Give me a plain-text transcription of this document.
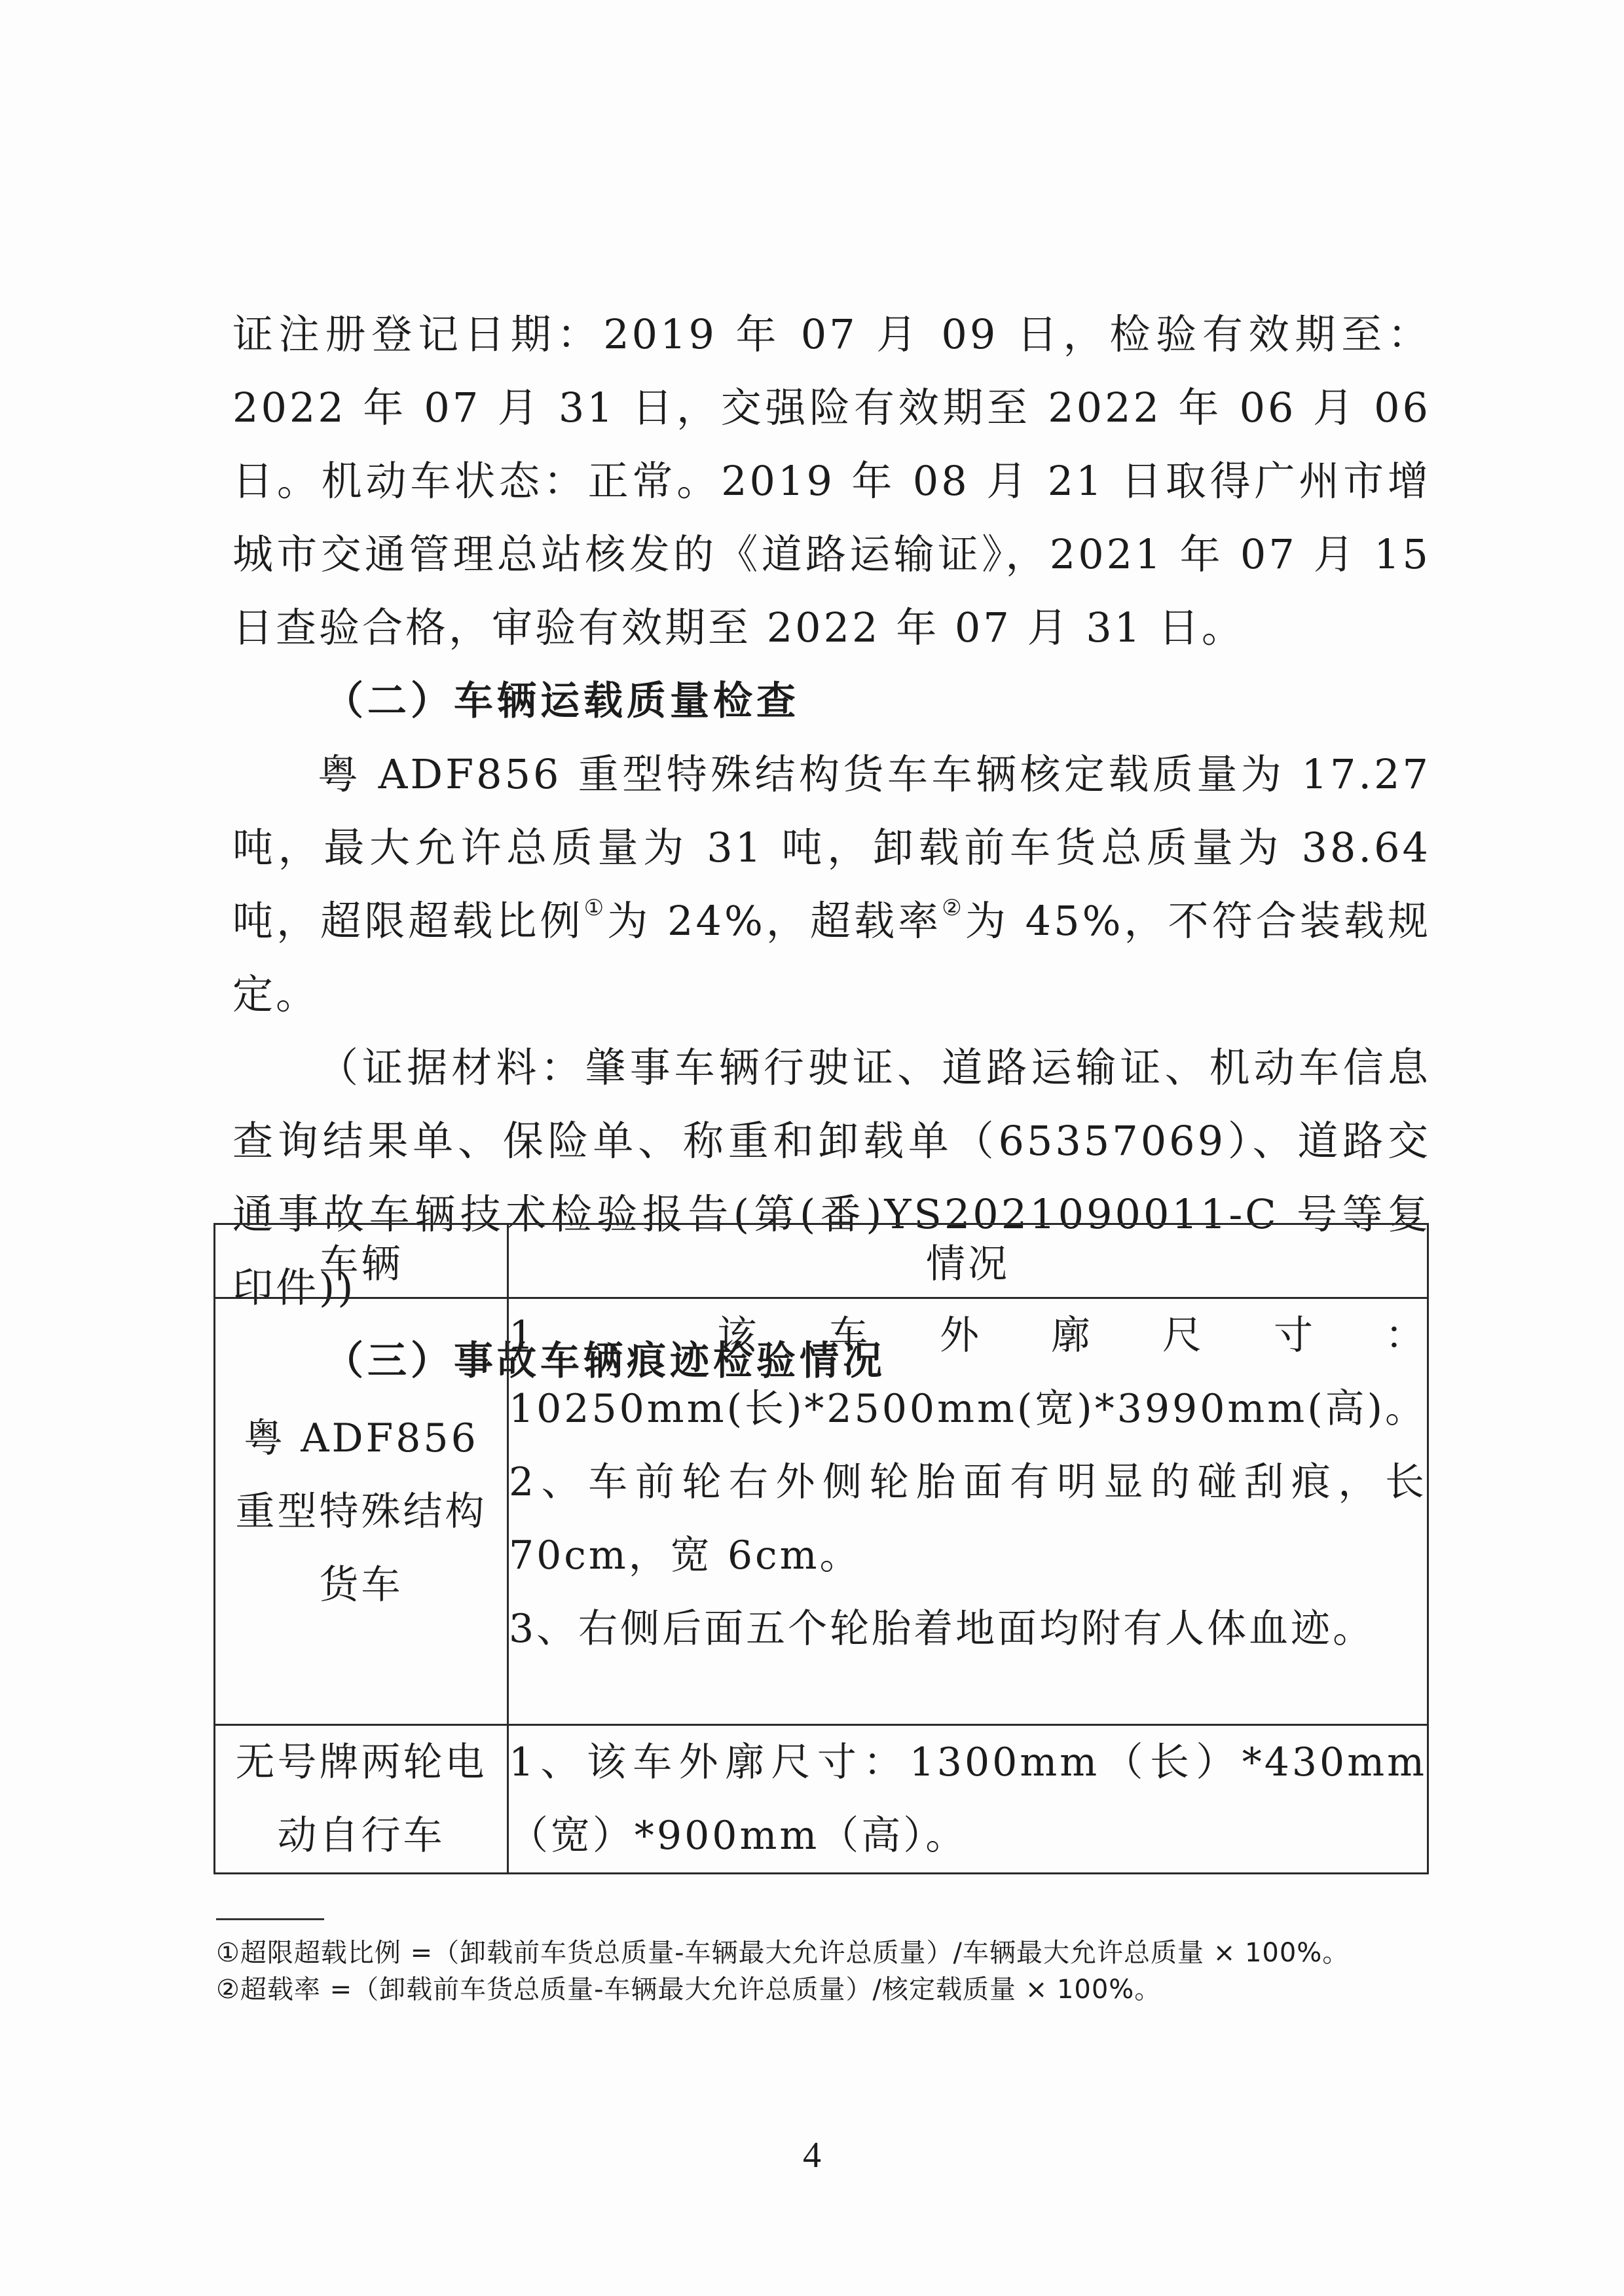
证注册登记日期：2019 年 07 月 09 日，检验有效期至：2022 年 07 月 31 日，交强险有效期至 2022 年 06 月 06 日。机动车状态：正常。2019 年 08 月 21 日取得广州市增城市交通管理总站核发的《道路运输证》，2021 年 07 月 15 日查验合格，审验有效期至 2022 年 07 月 31 日。

（二）车辆运载质量检查

粤 ADF856 重型特殊结构货车车辆核定载质量为 17.27 吨，最大允许总质量为 31 吨，卸载前车货总质量为 38.64 吨，超限超载比例①为 24%，超载率②为 45%，不符合装载规定。

（证据材料：肇事车辆行驶证、道路运输证、机动车信息查询结果单、保险单、称重和卸载单（65357069）、道路交通事故车辆技术检验报告(第(番)YS2021090011-C 号等复印件))

（三）事故车辆痕迹检验情况

车辆	情况
粤 ADF856 重型特殊结构货车	1、该车外廓尺寸：10250mm(长)*2500mm(宽)*3990mm(高)。
2、车前轮右外侧轮胎面有明显的碰刮痕，长 70cm，宽 6cm。
3、右侧后面五个轮胎着地面均附有人体血迹。

无号牌两轮电动自行车	1、该车外廓尺寸：1300mm（长）*430mm（宽）*900mm（高）。
①超限超载比例 =（卸载前车货总质量-车辆最大允许总质量）/车辆最大允许总质量 × 100%。
②超载率 =（卸载前车货总质量-车辆最大允许总质量）/核定载质量 × 100%。
4
